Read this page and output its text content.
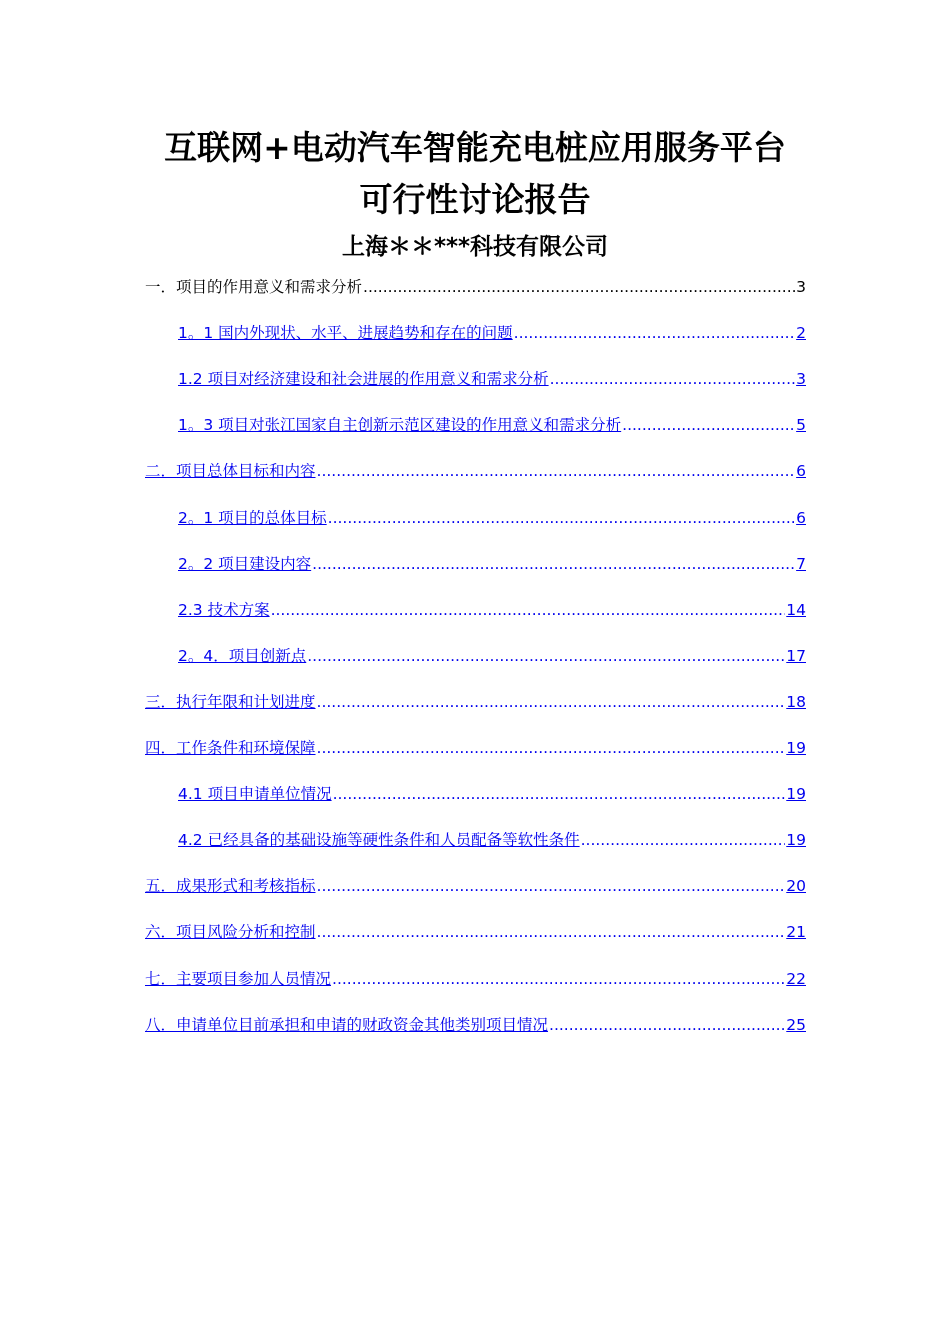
互联网+电动汽车智能充电桩应用服务平台
可行性讨论报告
上海＊＊***科技有限公司
一．项目的作用意义和需求分析 .....	3
1。1 国内外现状、水平、进展趋势和存在的问题 .....	2
1.2 项目对经济建设和社会进展的作用意义和需求分析 .....	3
1。3 项目对张江国家自主创新示范区建设的作用意义和需求分析 .....	5
二．项目总体目标和内容 .....	6
2。1 项目的总体目标 .....	6
2。2 项目建设内容 .....	7
2.3 技术方案 .....	14
2。4．项目创新点 .....	17
三．执行年限和计划进度 .....	18
四．工作条件和环境保障 .....	19
4.1 项目申请单位情况 .....	19
4.2 已经具备的基础设施等硬性条件和人员配备等软性条件 .....	19
五．成果形式和考核指标 .....	20
六．项目风险分析和控制 .....	21
七．主要项目参加人员情况 .....	22
八．申请单位目前承担和申请的财政资金其他类别项目情况 .....	25
